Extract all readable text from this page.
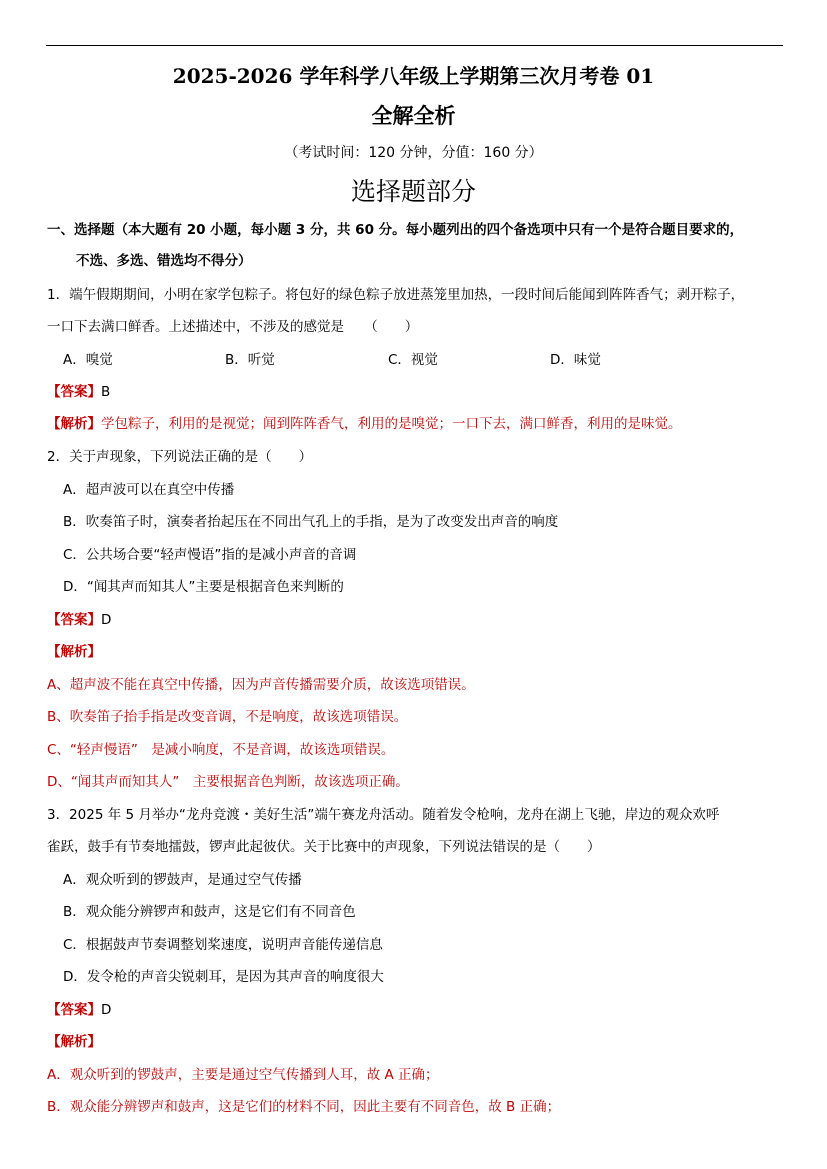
2025-2026 学年科学八年级上学期第三次月考卷 01
全解全析
（考试时间：120 分钟，分值：160 分）
选择题部分
一、选择题（本大题有 20 小题，每小题 3 分，共 60 分。每小题列出的四个备选项中只有一个是符合题目要求的，
不选、多选、错选均不得分）
1．端午假期期间，小明在家学包粽子。将包好的绿色粽子放进蒸笼里加热，一段时间后能闻到阵阵香气；剥开粽子，
一口下去满口鲜香。上述描述中，不涉及的感觉是　　（　　）
A．嗅觉	B．听觉	C．视觉	D．味觉
【答案】B
【解析】学包粽子，利用的是视觉；闻到阵阵香气，利用的是嗅觉；一口下去，满口鲜香，利用的是味觉。
2．关于声现象，下列说法正确的是（　　）
A．超声波可以在真空中传播
B．吹奏笛子时，演奏者抬起压在不同出气孔上的手指，是为了改变发出声音的响度
C．公共场合要“轻声慢语”指的是减小声音的音调
D．“闻其声而知其人”主要是根据音色来判断的
【答案】D
【解析】
A、超声波不能在真空中传播，因为声音传播需要介质，故该选项错误。
B、吹奏笛子抬手指是改变音调，不是响度，故该选项错误。
C、“轻声慢语”　是减小响度，不是音调，故该选项错误。
D、“闻其声而知其人”　主要根据音色判断，故该选项正确。
3．2025 年 5 月举办“龙舟竞渡・美好生活”端午赛龙舟活动。随着发令枪响，龙舟在湖上飞驰，岸边的观众欢呼
雀跃，鼓手有节奏地擂鼓，锣声此起彼伏。关于比赛中的声现象，下列说法错误的是（　　）
A．观众听到的锣鼓声，是通过空气传播
B．观众能分辨锣声和鼓声，这是它们有不同音色
C．根据鼓声节奏调整划桨速度，说明声音能传递信息
D．发令枪的声音尖锐刺耳，是因为其声音的响度很大
【答案】D
【解析】
A．观众听到的锣鼓声，主要是通过空气传播到人耳，故 A 正确；
B．观众能分辨锣声和鼓声，这是它们的材料不同，因此主要有不同音色，故 B 正确；
